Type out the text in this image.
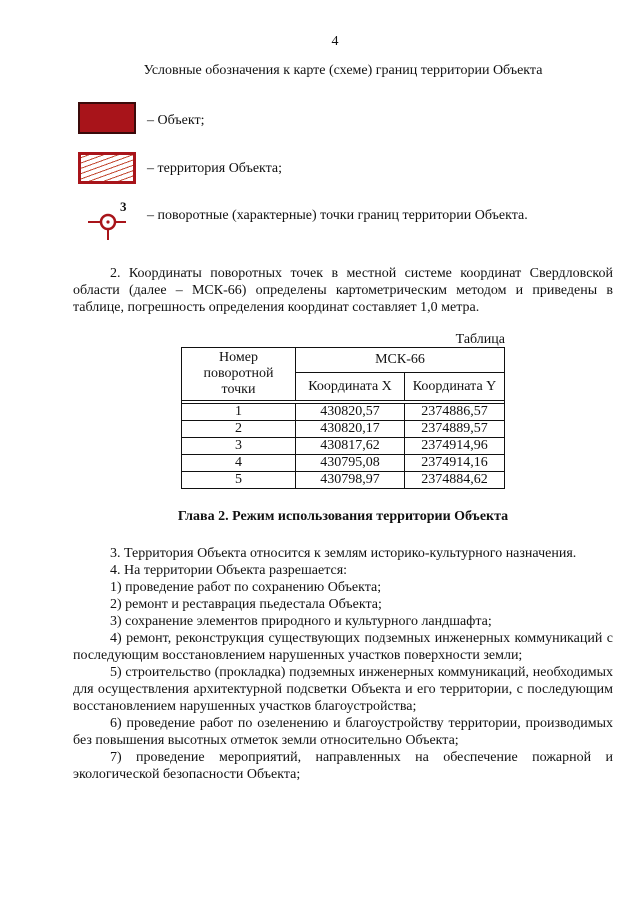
4
Условные обозначения к карте (схеме) границ территории Объекта
– Объект;
– территория Объекта;
3
– поворотные (характерные) точки границ территории Объекта.

2. Координаты поворотных точек в местной системе координат Свердловской области (далее – МСК-66) определены картометрическим методом и приведены в таблице, погрешность определения координат составляет 1,0 метра.

Таблица
Номер поворотной точки	МСК-66	
	Координата X	Координата Y

1	430820,57	2374886,57
2	430820,17	2374889,57
3	430817,62	2374914,96
4	430795,08	2374914,16
5	430798,97	2374884,62
Глава 2. Режим использования территории Объекта

3. Территория Объекта относится к землям историко-культурного назначения.

4. На территории Объекта разрешается:

1) проведение работ по сохранению Объекта;

2) ремонт и реставрация пьедестала Объекта;

3) сохранение элементов природного и культурного ландшафта;

4) ремонт, реконструкция существующих подземных инженерных коммуникаций с последующим восстановлением нарушенных участков поверхности земли;

5) строительство (прокладка) подземных инженерных коммуникаций, необходимых для осуществления архитектурной подсветки Объекта и его территории, с последующим восстановлением нарушенных участков благоустройства;

6) проведение работ по озеленению и благоустройству территории, производимых без повышения высотных отметок земли относительно Объекта;

7) проведение мероприятий, направленных на обеспечение пожарной и экологической безопасности Объекта;
